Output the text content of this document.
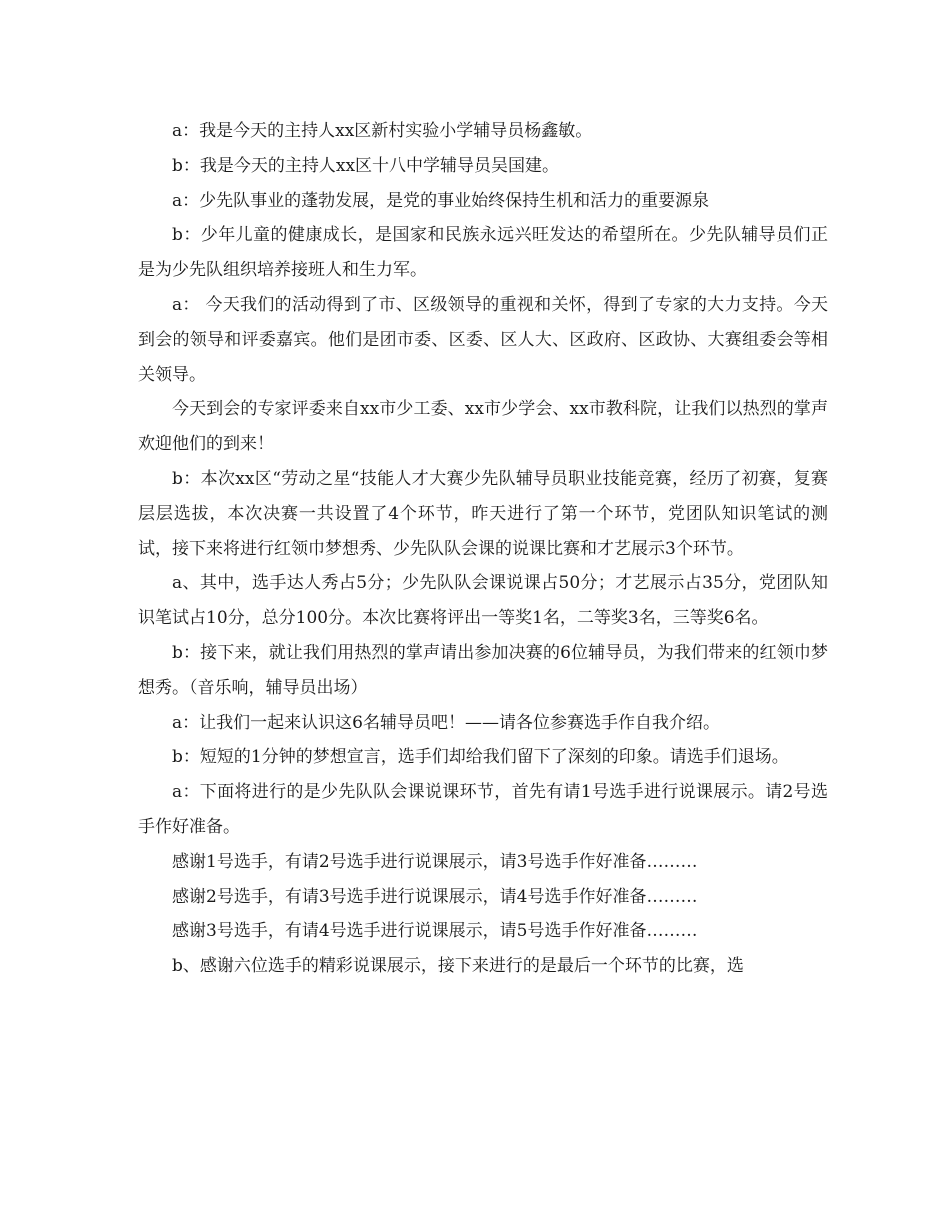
a：我是今天的主持人xx区新村实验小学辅导员杨鑫敏。

b：我是今天的主持人xx区十八中学辅导员吴国建。

a：少先队事业的蓬勃发展，是党的事业始终保持生机和活力的重要源泉

b：少年儿童的健康成长，是国家和民族永远兴旺发达的希望所在。少先队辅导员们正是为少先队组织培养接班人和生力军。

a： 今天我们的活动得到了市、区级领导的重视和关怀，得到了专家的大力支持。今天到会的领导和评委嘉宾。他们是团市委、区委、区人大、区政府、区政协、大赛组委会等相关领导。

今天到会的专家评委来自xx市少工委、xx市少学会、xx市教科院，让我们以热烈的掌声欢迎他们的到来！

b：本次xx区“劳动之星“技能人才大赛少先队辅导员职业技能竞赛，经历了初赛，复赛层层选拔，本次决赛一共设置了4个环节，昨天进行了第一个环节，党团队知识笔试的测试，接下来将进行红领巾梦想秀、少先队队会课的说课比赛和才艺展示3个环节。

a、其中，选手达人秀占5分；少先队队会课说课占50分；才艺展示占35分，党团队知识笔试占10分，总分100分。本次比赛将评出一等奖1名，二等奖3名，三等奖6名。

b：接下来，就让我们用热烈的掌声请出参加决赛的6位辅导员，为我们带来的红领巾梦想秀。（音乐响，辅导员出场）

a：让我们一起来认识这6名辅导员吧！——请各位参赛选手作自我介绍。

b：短短的1分钟的梦想宣言，选手们却给我们留下了深刻的印象。请选手们退场。

a：下面将进行的是少先队队会课说课环节，首先有请1号选手进行说课展示。请2号选手作好准备。

感谢1号选手，有请2号选手进行说课展示，请3号选手作好准备………

感谢2号选手，有请3号选手进行说课展示，请4号选手作好准备………

感谢3号选手，有请4号选手进行说课展示，请5号选手作好准备………

b、感谢六位选手的精彩说课展示，接下来进行的是最后一个环节的比赛，选
